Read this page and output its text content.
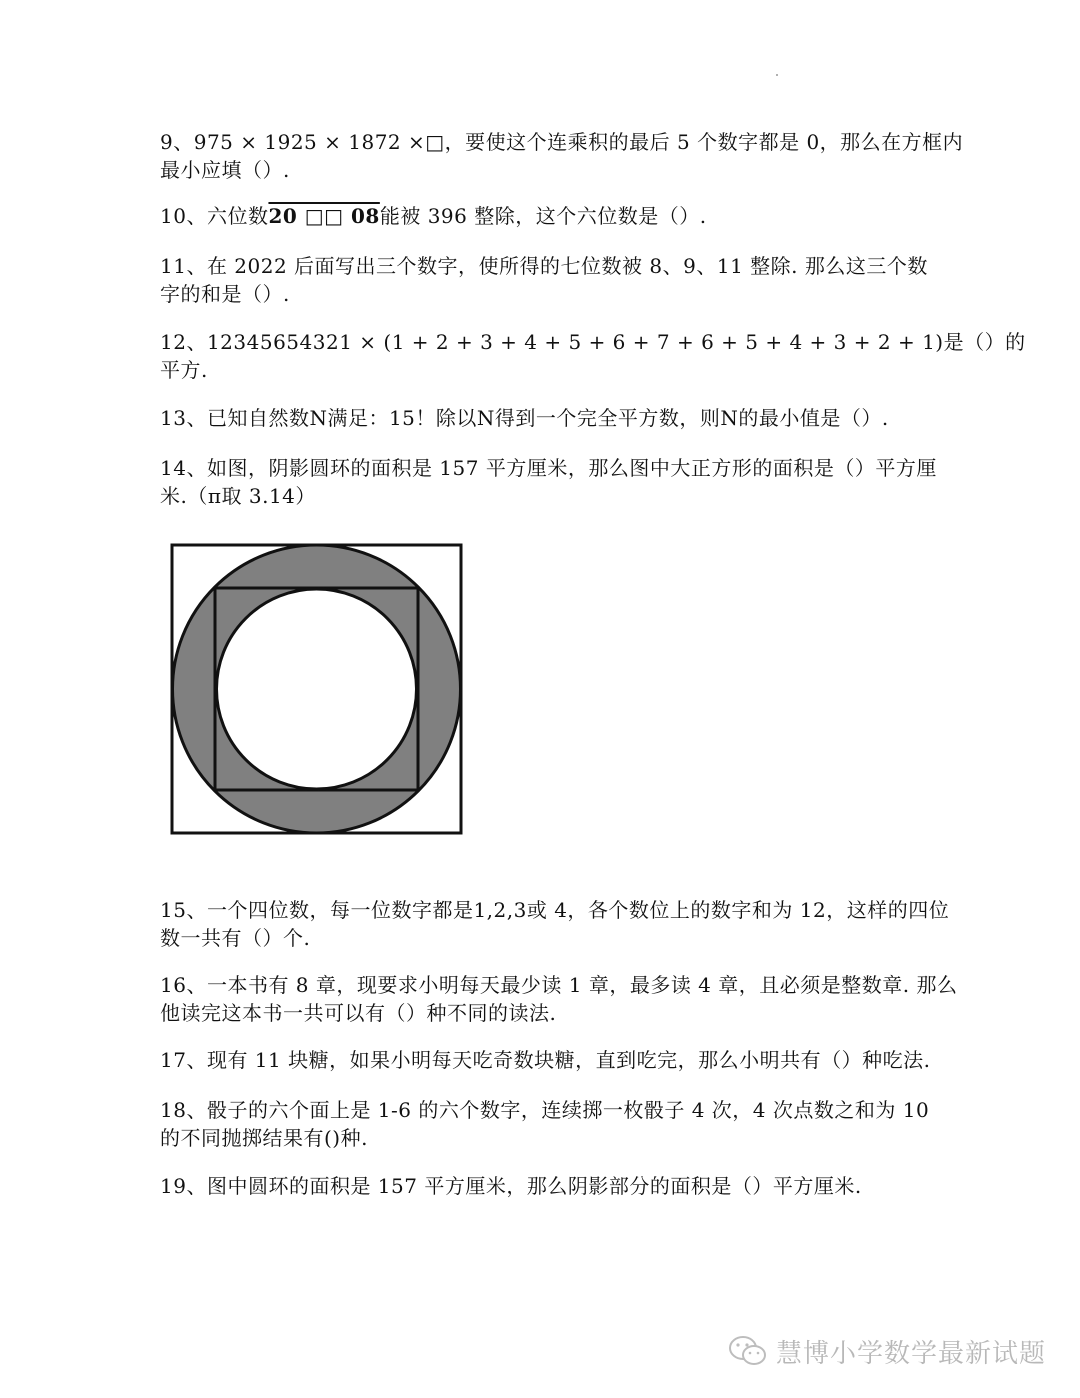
9、975 × 1925 × 1872 ×□，要使这个连乘积的最后 5 个数字都是 0，那么在方框内
最小应填（）.

10、六位数20 □□ 08能被 396 整除，这个六位数是（）.

11、在 2022 后面写出三个数字，使所得的七位数被 8、9、11 整除. 那么这三个数
字的和是（）.

12、12345654321 × (1 + 2 + 3 + 4 + 5 + 6 + 7 + 6 + 5 + 4 + 3 + 2 + 1)是（）的
平方.

13、已知自然数N满足：15！除以N得到一个完全平方数，则N的最小值是（）.

14、如图，阴影圆环的面积是 157 平方厘米，那么图中大正方形的面积是（）平方厘
米.（π取 3.14）

15、一个四位数，每一位数字都是1,2,3或 4，各个数位上的数字和为 12，这样的四位
数一共有（）个.

16、一本书有 8 章，现要求小明每天最少读 1 章，最多读 4 章，且必须是整数章. 那么
他读完这本书一共可以有（）种不同的读法.

17、现有 11 块糖，如果小明每天吃奇数块糖，直到吃完，那么小明共有（）种吃法.

18、骰子的六个面上是 1-6 的六个数字，连续掷一枚骰子 4 次，4 次点数之和为 10
的不同抛掷结果有()种.

19、图中圆环的面积是 157 平方厘米，那么阴影部分的面积是（）平方厘米.

慧博小学数学最新试题
